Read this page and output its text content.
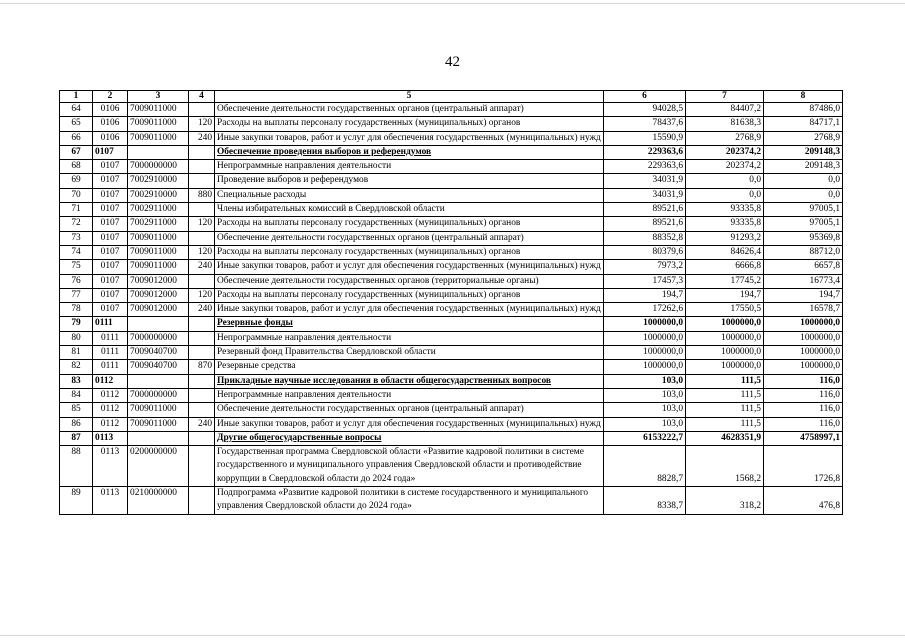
42
1	2	3	4	5	6	7	8
64	0106	7009011000		Обеспечение деятельности государственных органов (центральный аппарат)	94028,5	84407,2	87486,0
65	0106	7009011000	120	Расходы на выплаты персоналу государственных (муниципальных) органов	78437,6	81638,3	84717,1
66	0106	7009011000	240	Иные закупки товаров, работ и услуг для обеспечения государственных (муниципальных) нужд	15590,9	2768,9	2768,9
67	0107			Обеспечение проведения выборов и референдумов	229363,6	202374,2	209148,3
68	0107	7000000000		Непрограммные направления деятельности	229363,6	202374,2	209148,3
69	0107	7002910000		Проведение выборов и референдумов	34031,9	0,0	0,0
70	0107	7002910000	880	Специальные расходы	34031,9	0,0	0,0
71	0107	7002911000		Члены избирательных комиссий в Свердловской области	89521,6	93335,8	97005,1
72	0107	7002911000	120	Расходы на выплаты персоналу государственных (муниципальных) органов	89521,6	93335,8	97005,1
73	0107	7009011000		Обеспечение деятельности государственных органов (центральный аппарат)	88352,8	91293,2	95369,8
74	0107	7009011000	120	Расходы на выплаты персоналу государственных (муниципальных) органов	80379,6	84626,4	88712,0
75	0107	7009011000	240	Иные закупки товаров, работ и услуг для обеспечения государственных (муниципальных) нужд	7973,2	6666,8	6657,8
76	0107	7009012000		Обеспечение деятельности государственных органов (территориальные органы)	17457,3	17745,2	16773,4
77	0107	7009012000	120	Расходы на выплаты персоналу государственных (муниципальных) органов	194,7	194,7	194,7
78	0107	7009012000	240	Иные закупки товаров, работ и услуг для обеспечения государственных (муниципальных) нужд	17262,6	17550,5	16578,7
79	0111			Резервные фонды	1000000,0	1000000,0	1000000,0
80	0111	7000000000		Непрограммные направления деятельности	1000000,0	1000000,0	1000000,0
81	0111	7009040700		Резервный фонд Правительства Свердловской области	1000000,0	1000000,0	1000000,0
82	0111	7009040700	870	Резервные средства	1000000,0	1000000,0	1000000,0
83	0112			Прикладные научные исследования в области общегосударственных вопросов	103,0	111,5	116,0
84	0112	7000000000		Непрограммные направления деятельности	103,0	111,5	116,0
85	0112	7009011000		Обеспечение деятельности государственных органов (центральный аппарат)	103,0	111,5	116,0
86	0112	7009011000	240	Иные закупки товаров, работ и услуг для обеспечения государственных (муниципальных) нужд	103,0	111,5	116,0
87	0113			Другие общегосударственные вопросы	6153222,7	4628351,9	4758997,1
88	0113	0200000000		Государственная программа Свердловской области «Развитие кадровой политики в системе государственного и муниципального управления Свердловской области и противодействие коррупции в Свердловской области до 2024 года»	8828,7	1568,2	1726,8
89	0113	0210000000		Подпрограмма «Развитие кадровой политики в системе государственного и муниципального управления Свердловской области до 2024 года»	8338,7	318,2	476,8
